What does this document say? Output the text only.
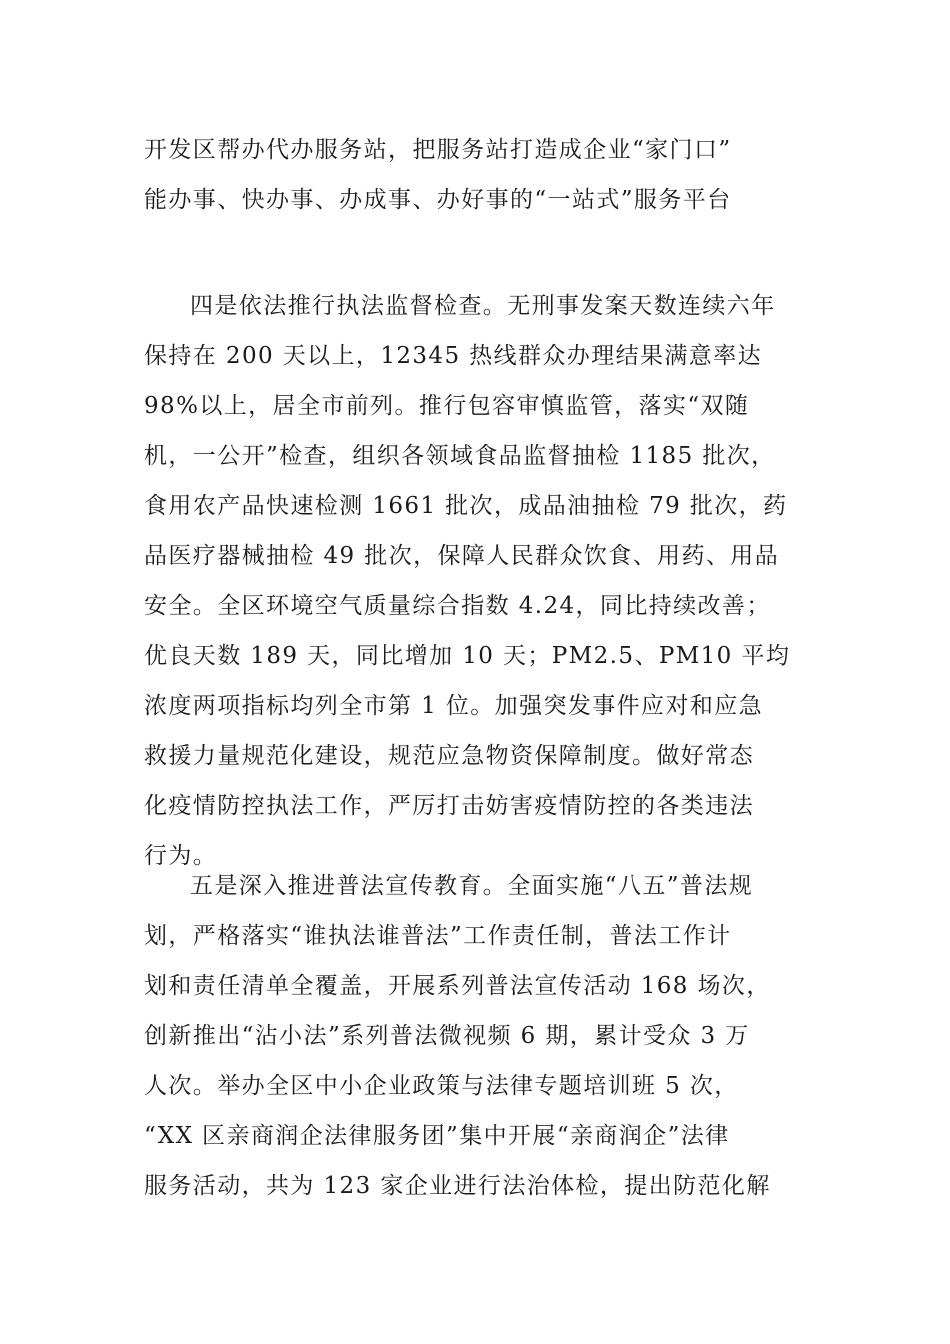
开发区帮办代办服务站，把服务站打造成企业“家门口”
能办事、快办事、办成事、办好事的“一站式”服务平台
四是依法推行执法监督检查。无刑事发案天数连续六年
保持在 200 天以上，12345 热线群众办理结果满意率达
98%以上，居全市前列。推行包容审慎监管，落实“双随
机，一公开”检查，组织各领域食品监督抽检 1185 批次，
食用农产品快速检测 1661 批次，成品油抽检 79 批次，药
品医疗器械抽检 49 批次，保障人民群众饮食、用药、用品
安全。全区环境空气质量综合指数 4.24，同比持续改善；
优良天数 189 天，同比增加 10 天；PM2.5、PM10 平均
浓度两项指标均列全市第 1 位。加强突发事件应对和应急
救援力量规范化建设，规范应急物资保障制度。做好常态
化疫情防控执法工作，严厉打击妨害疫情防控的各类违法
行为。
五是深入推进普法宣传教育。全面实施“八五”普法规
划，严格落实“谁执法谁普法”工作责任制，普法工作计
划和责任清单全覆盖，开展系列普法宣传活动 168 场次，
创新推出“沾小法”系列普法微视频 6 期，累计受众 3 万
人次。举办全区中小企业政策与法律专题培训班 5 次，
“XX 区亲商润企法律服务团”集中开展“亲商润企”法律
服务活动，共为 123 家企业进行法治体检，提出防范化解
